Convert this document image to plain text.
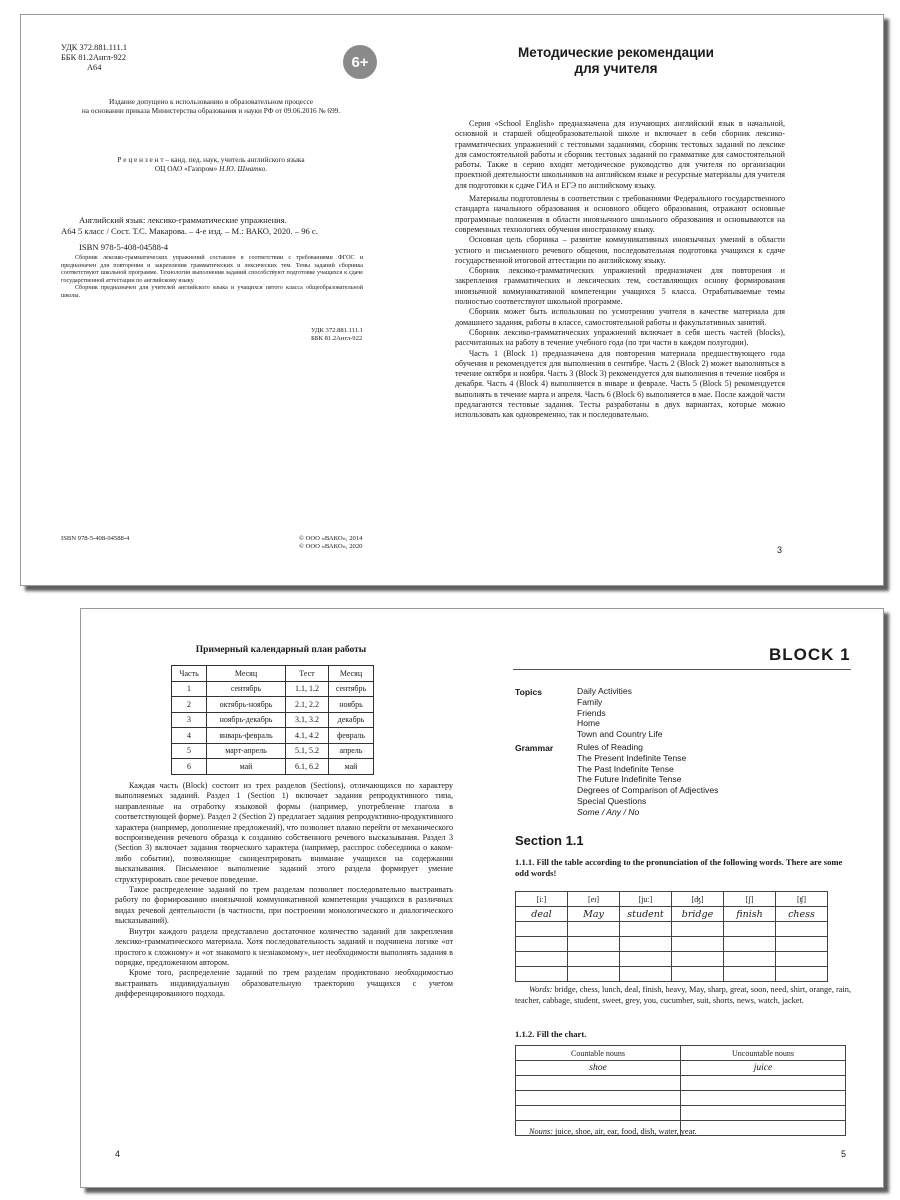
УДК 372.881.111.1
ББК 81.2Англ-922
А64	6+
Издание допущено к использованию в образовательном процессе
на основании приказа Министерства образования и науки РФ от 09.06.2016 № 699.
Р е ц е н з е н т – канд. пед. наук, учитель английского языка
ОЦ ОАО «Газпром» Н.Ю. Шматко.
Английский язык: лексико-грамматические упражнения.
А64 5 класс / Сост. Т.С. Макарова. – 4-е изд. – М.: ВАКО, 2020. – 96 с.
ISBN 978-5-408-04588-4

Сборник лексико-грамматических упражнений составлен в соответствии с требованиями ФГОС и предназначен для повторения и закрепления грамматических и лексических тем. Темы заданий сборника соответствуют школьной программе. Технологии выполнения заданий способствуют подготовке учащихся к сдаче государственной аттестации по английскому языку.

Сборник предназначен для учителей английского языка и учащихся пятого класса общеобразовательной школы.

УДК 372.881.111.1
ББК 81.2Англ-922
ISBN 978-5-408-04588-4	© ООО «ВАКО», 2014
© ООО «ВАКО», 2020
Методические рекомендации
для учителя

Серия «School English» предназначена для изучающих английский язык в начальной, основной и старшей общеобразовательной школе и включает в себя сборник лексико-грамматических упражнений с тестовыми заданиями, сборник тестовых заданий по лексике для самостоятельной работы и сборник тестовых заданий по грамматике для самостоятельной работы. Также в серию входят методическое руководство для учителя по организации проектной деятельности школьников на английском языке и ресурсные материалы для учителя для подготовки к сдаче ГИА и ЕГЭ по английскому языку.

Материалы подготовлены в соответствии с требованиями Федерального государственного стандарта начального образования и основного общего образования, отражают основные программные положения в области иноязычного школьного образования и основываются на современных технологиях обучения иностранному языку.

Основная цель сборника – развитие коммуникативных иноязычных умений в области устного и письменного речевого общения, последовательная подготовка учащихся к сдаче государственной итоговой аттестации по английскому языку.

Сборник лексико-грамматических упражнений предназначен для повторения и закрепления грамматических и лексических тем, составляющих основу формирования иноязычной коммуникативной компетенции учащихся 5 класса. Отрабатываемые темы полностью соответствуют школьной программе.

Сборник может быть использован по усмотрению учителя в качестве материала для домашнего задания, работы в классе, самостоятельной работы и факультативных занятий.

Сборник лексико-грамматических упражнений включает в себя шесть частей (blocks), рассчитанных на работу в течение учебного года (по три части в каждом полугодии).

Часть 1 (Block 1) предназначена для повторения материала предшествующего года обучения и рекомендуется для выполнения в сентябре. Часть 2 (Block 2) может выполняться в течение октября и ноября. Часть 3 (Block 3) рекомендуется для выполнения в течение ноября и декабря. Часть 4 (Block 4) выполняется в январе и феврале. Часть 5 (Block 5) рекомендуется выполнять в течение марта и апреля. Часть 6 (Block 6) выполняется в мае. После каждой части предлагаются тестовые задания. Тесты разработаны в двух вариантах, которые можно использовать как одновременно, так и последовательно.

3
Примерный календарный план работы
Часть	Месяц	Тест	Месяц
1	сентябрь	1.1, 1.2	сентябрь
2	октябрь-ноябрь	2.1, 2.2	ноябрь
3	ноябрь-декабрь	3.1, 3.2	декабрь
4	январь-февраль	4.1, 4.2	февраль
5	март-апрель	5.1, 5.2	апрель
6	май	6.1, 6.2	май

Каждая часть (Block) состоит из трех разделов (Sections), отличающихся по характеру выполняемых заданий. Раздел 1 (Section 1) включает задания репродуктивного типа, направленные на отработку языковой формы (например, употребление глагола в соответствующей форме). Раздел 2 (Section 2) предлагает задания репродуктивно-продуктивного характера (например, дополнение предложений), что позволяет плавно перейти от механического воспроизведения речевого образца к созданию собственного речевого высказывания. Раздел 3 (Section 3) включает задания творческого характера (например, расспрос собеседника о каком-либо событии), позволяющие сконцентрировать внимание учащихся на содержании высказывания. Письменное выполнение заданий этого раздела формирует умение структурировать свое речевое поведение.

Такое распределение заданий по трем разделам позволяет последовательно выстраивать работу по формированию иноязычной коммуникативной компетенции учащихся в различных видах речевой деятельности (в частности, при построении монологического и диалогического высказываний).

Внутри каждого раздела представлено достаточное количество заданий для закрепления лексико-грамматического материала. Хотя последовательность заданий и подчинена логике «от простого к сложному» и «от знакомого к незнакомому», нет необходимости выполнять задания в порядке, предложенном автором.

Кроме того, распределение заданий по трем разделам продиктовано необходимостью выстраивать индивидуальную образовательную траекторию учащихся с учетом дифференцированного подхода.

4
BLOCK 1
Topics	Daily Activities
Family
Friends
Home
Town and Country Life
Grammar	Rules of Reading
The Present Indefinite Tense
The Past Indefinite Tense
The Future Indefinite Tense
Degrees of Comparison of Adjectives
Special Questions
Some / Any / No
Section 1.1
1.1.1. Fill the table according to the pronunciation of the following words. There are some odd words!
[iː]	[eɪ]	[juː]	[ʤ]	[ʃ]	[ʧ]
deal	May	student	bridge	finish	chess

Words: bridge, chess, lunch, deal, finish, heavy, May, sharp, great, soon, need, shirt, orange, rain, teacher, cabbage, student, sweet, grey, you, cucumber, suit, shorts, news, watch, jacket.
1.1.2. Fill the chart.
Countable nouns	Uncountable nouns
shoe	juice

Nouns: juice, shoe, air, ear, food, dish, water, year.
5
